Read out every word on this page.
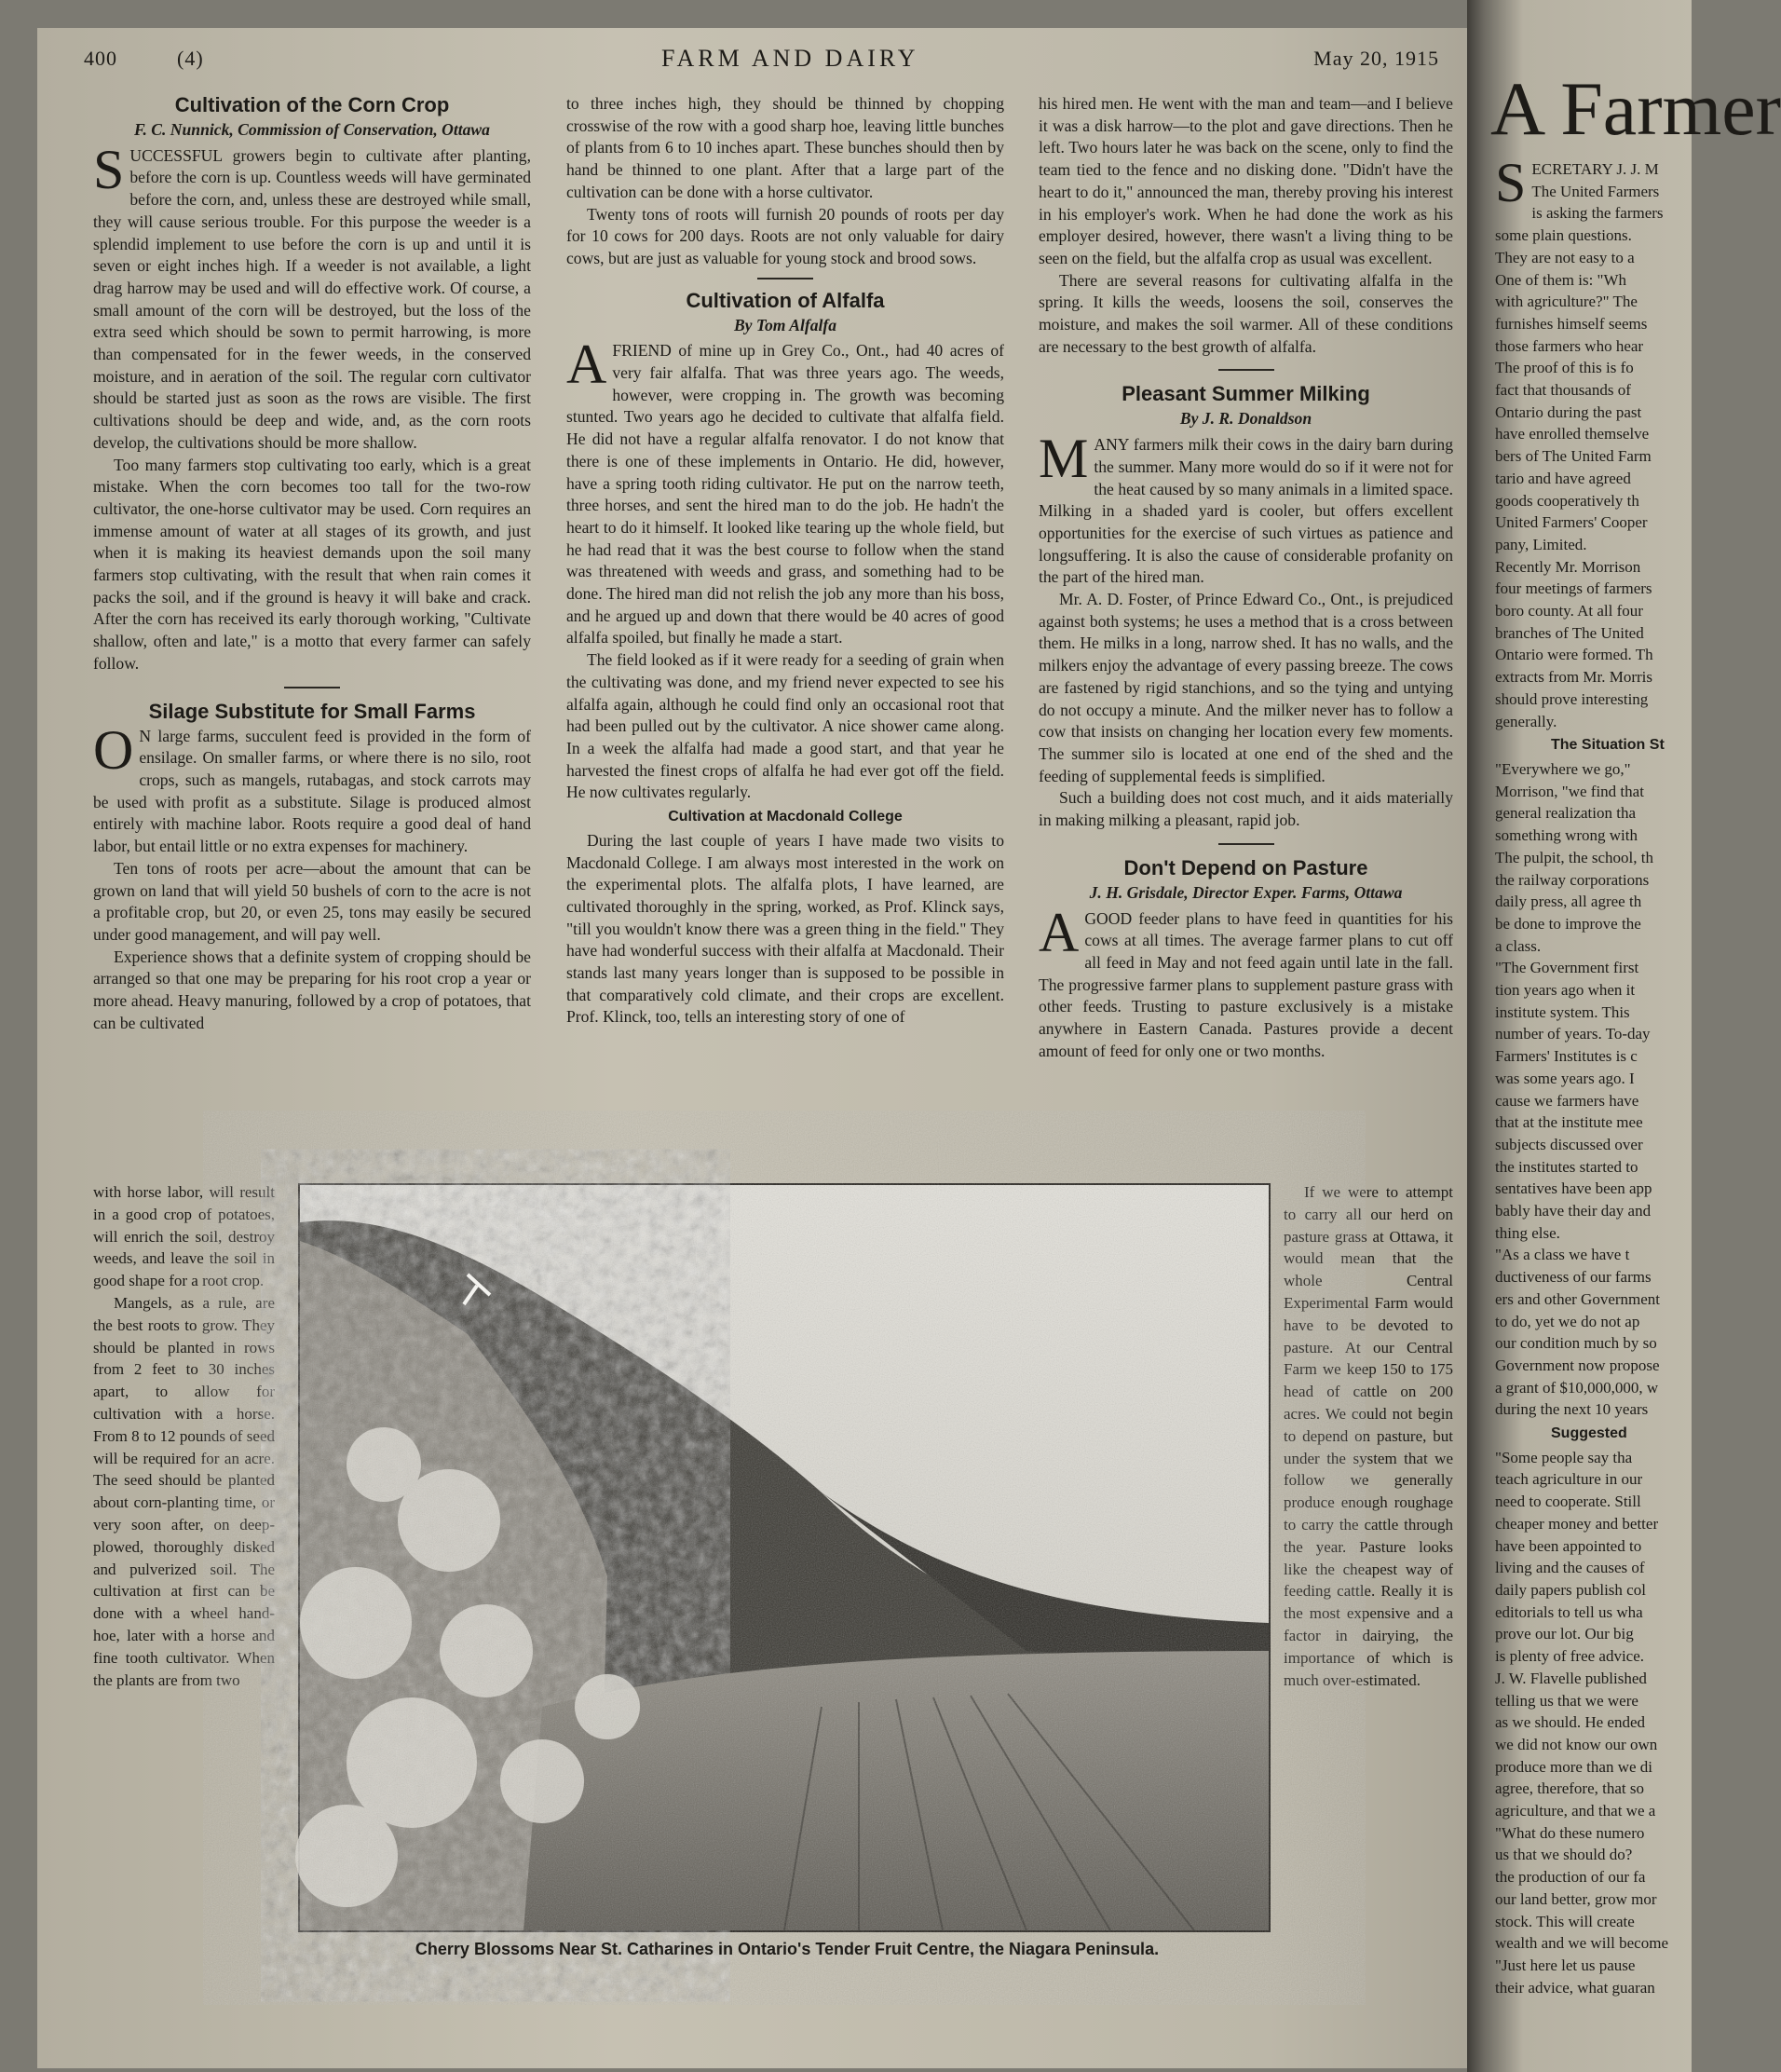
400	(4)	FARM AND DAIRY	May 20, 1915
Cultivation of the Corn Crop
F. C. Nunnick, Commission of Conservation, Ottawa

SUCCESSFUL growers begin to cultivate after planting, before the corn is up. Countless weeds will have germinated before the corn, and, unless these are destroyed while small, they will cause serious trouble. For this purpose the weeder is a splendid implement to use before the corn is up and until it is seven or eight inches high. If a weeder is not available, a light drag harrow may be used and will do effective work. Of course, a small amount of the corn will be destroyed, but the loss of the extra seed which should be sown to permit harrowing, is more than compensated for in the fewer weeds, in the conserved moisture, and in aeration of the soil. The regular corn cultivator should be started just as soon as the rows are visible. The first cultivations should be deep and wide, and, as the corn roots develop, the cultivations should be more shallow.

Too many farmers stop cultivating too early, which is a great mistake. When the corn becomes too tall for the two-row cultivator, the one-horse cultivator may be used. Corn requires an immense amount of water at all stages of its growth, and just when it is making its heaviest demands upon the soil many farmers stop cultivating, with the result that when rain comes it packs the soil, and if the ground is heavy it will bake and crack. After the corn has received its early thorough working, "Cultivate shallow, often and late," is a motto that every farmer can safely follow.

Silage Substitute for Small Farms

O N large farms, succulent feed is provided in the form of ensilage. On smaller farms, or where there is no silo, root crops, such as mangels, rutabagas, and stock carrots may be used with profit as a substitute. Silage is produced almost entirely with machine labor. Roots require a good deal of hand labor, but entail little or no extra expenses for machinery.

Ten tons of roots per acre—about the amount that can be grown on land that will yield 50 bushels of corn to the acre is not a profitable crop, but 20, or even 25, tons may easily be secured under good management, and will pay well.

Experience shows that a definite system of cropping should be arranged so that one may be preparing for his root crop a year or more ahead. Heavy manuring, followed by a crop of potatoes, that can be cultivated

with horse labor, will result in a good crop of potatoes, will enrich the soil, destroy weeds, and leave the soil in good shape for a root crop.

Mangels, as a rule, are the best roots to grow. They should be planted in rows from 2 feet to 30 inches apart, to allow for cultivation with a horse. From 8 to 12 pounds of seed will be required for an acre. The seed should be planted about corn-planting time, or very soon after, on deep-plowed, thoroughly disked and pulverized soil. The cultivation at first can be done with a wheel hand-hoe, later with a horse and fine tooth cultivator. When the plants are from two

to three inches high, they should be thinned by chopping crosswise of the row with a good sharp hoe, leaving little bunches of plants from 6 to 10 inches apart. These bunches should then by hand be thinned to one plant. After that a large part of the cultivation can be done with a horse cultivator.

Twenty tons of roots will furnish 20 pounds of roots per day for 10 cows for 200 days. Roots are not only valuable for dairy cows, but are just as valuable for young stock and brood sows.

Cultivation of Alfalfa
By Tom Alfalfa

AFRIEND of mine up in Grey Co., Ont., had 40 acres of very fair alfalfa. That was three years ago. The weeds, however, were cropping in. The growth was becoming stunted. Two years ago he decided to cultivate that alfalfa field. He did not have a regular alfalfa renovator. I do not know that there is one of these implements in Ontario. He did, however, have a spring tooth riding cultivator. He put on the narrow teeth, three horses, and sent the hired man to do the job. He hadn't the heart to do it himself. It looked like tearing up the whole field, but he had read that it was the best course to follow when the stand was threatened with weeds and grass, and something had to be done. The hired man did not relish the job any more than his boss, and he argued up and down that there would be 40 acres of good alfalfa spoiled, but finally he made a start.

The field looked as if it were ready for a seeding of grain when the cultivating was done, and my friend never expected to see his alfalfa again, although he could find only an occasional root that had been pulled out by the cultivator. A nice shower came along. In a week the alfalfa had made a good start, and that year he harvested the finest crops of alfalfa he had ever got off the field. He now cultivates regularly.

Cultivation at Macdonald College

During the last couple of years I have made two visits to Macdonald College. I am always most interested in the work on the experimental plots. The alfalfa plots, I have learned, are cultivated thoroughly in the spring, worked, as Prof. Klinck says, "till you wouldn't know there was a green thing in the field." They have had wonderful success with their alfalfa at Macdonald. Their stands last many years longer than is supposed to be possible in that comparatively cold climate, and their crops are excellent. Prof. Klinck, too, tells an interesting story of one of

his hired men. He went with the man and team—and I believe it was a disk harrow—to the plot and gave directions. Then he left. Two hours later he was back on the scene, only to find the team tied to the fence and no disking done. "Didn't have the heart to do it," announced the man, thereby proving his interest in his employer's work. When he had done the work as his employer desired, however, there wasn't a living thing to be seen on the field, but the alfalfa crop as usual was excellent.

There are several reasons for cultivating alfalfa in the spring. It kills the weeds, loosens the soil, conserves the moisture, and makes the soil warmer. All of these conditions are necessary to the best growth of alfalfa.

Pleasant Summer Milking
By J. R. Donaldson

MANY farmers milk their cows in the dairy barn during the summer. Many more would do so if it were not for the heat caused by so many animals in a limited space. Milking in a shaded yard is cooler, but offers excellent opportunities for the exercise of such virtues as patience and longsuffering. It is also the cause of considerable profanity on the part of the hired man.

Mr. A. D. Foster, of Prince Edward Co., Ont., is prejudiced against both systems; he uses a method that is a cross between them. He milks in a long, narrow shed. It has no walls, and the milkers enjoy the advantage of every passing breeze. The cows are fastened by rigid stanchions, and so the tying and untying do not occupy a minute. And the milker never has to follow a cow that insists on changing her location every few moments. The summer silo is located at one end of the shed and the feeding of supplemental feeds is simplified.

Such a building does not cost much, and it aids materially in making milking a pleasant, rapid job.

Don't Depend on Pasture
J. H. Grisdale, Director Exper. Farms, Ottawa

AGOOD feeder plans to have feed in quantities for his cows at all times. The average farmer plans to cut off all feed in May and not feed again until late in the fall. The progressive farmer plans to supplement pasture grass with other feeds. Trusting to pasture exclusively is a mistake anywhere in Eastern Canada. Pastures provide a decent amount of feed for only one or two months.

If we were to attempt to carry all our herd on pasture grass at Ottawa, it would mean that the whole Central Experimental Farm would have to be devoted to pasture. At our Central Farm we keep 150 to 175 head of cattle on 200 acres. We could not begin to depend on pasture, but under the system that we follow we generally produce enough roughage to carry the cattle through the year. Pasture looks like the cheapest way of feeding cattle. Really it is the most expensive and a factor in dairying, the importance of which is much over-estimated.

Cherry Blossoms Near St. Catharines in Ontario's Tender Fruit Centre, the Niagara Peninsula.
A Farmer

SECRETARY J. J. M
The United Farmers
is asking the farmers
some plain questions.
They are not easy to a
One of them is: "Wh
with agriculture?" The
furnishes himself seems
those farmers who hear
The proof of this is fo
fact that thousands of
Ontario during the past
have enrolled themselve
bers of The United Farm
tario and have agreed
goods cooperatively th
United Farmers' Cooper
pany, Limited.
Recently Mr. Morrison
four meetings of farmers
boro county. At all four
branches of The United
Ontario were formed. Th
extracts from Mr. Morris
should prove interesting
generally.

The Situation St

"Everywhere we go,"
Morrison, "we find that
general realization tha
something wrong with
The pulpit, the school, th
the railway corporations
daily press, all agree th
be done to improve the
a class.
"The Government first
tion years ago when it
institute system. This
number of years. To-day
Farmers' Institutes is c
was some years ago. I
cause we farmers have
that at the institute mee
subjects discussed over
the institutes started to
sentatives have been app
bably have their day and
thing else.
"As a class we have t
ductiveness of our farms
ers and other Government
to do, yet we do not ap
our condition much by so
Government now propose
a grant of $10,000,000, w
during the next 10 years

Suggested

"Some people say tha
teach agriculture in our
need to cooperate. Still
cheaper money and better
have been appointed to
living and the causes of
daily papers publish col
editorials to tell us wha
prove our lot. Our big
is plenty of free advice.
J. W. Flavelle published
telling us that we were
as we should. He ended
we did not know our own
produce more than we di
agree, therefore, that so
agriculture, and that we a
"What do these numero
us that we should do?
the production of our fa
our land better, grow mor
stock. This will create
wealth and we will become
"Just here let us pause
their advice, what guaran
